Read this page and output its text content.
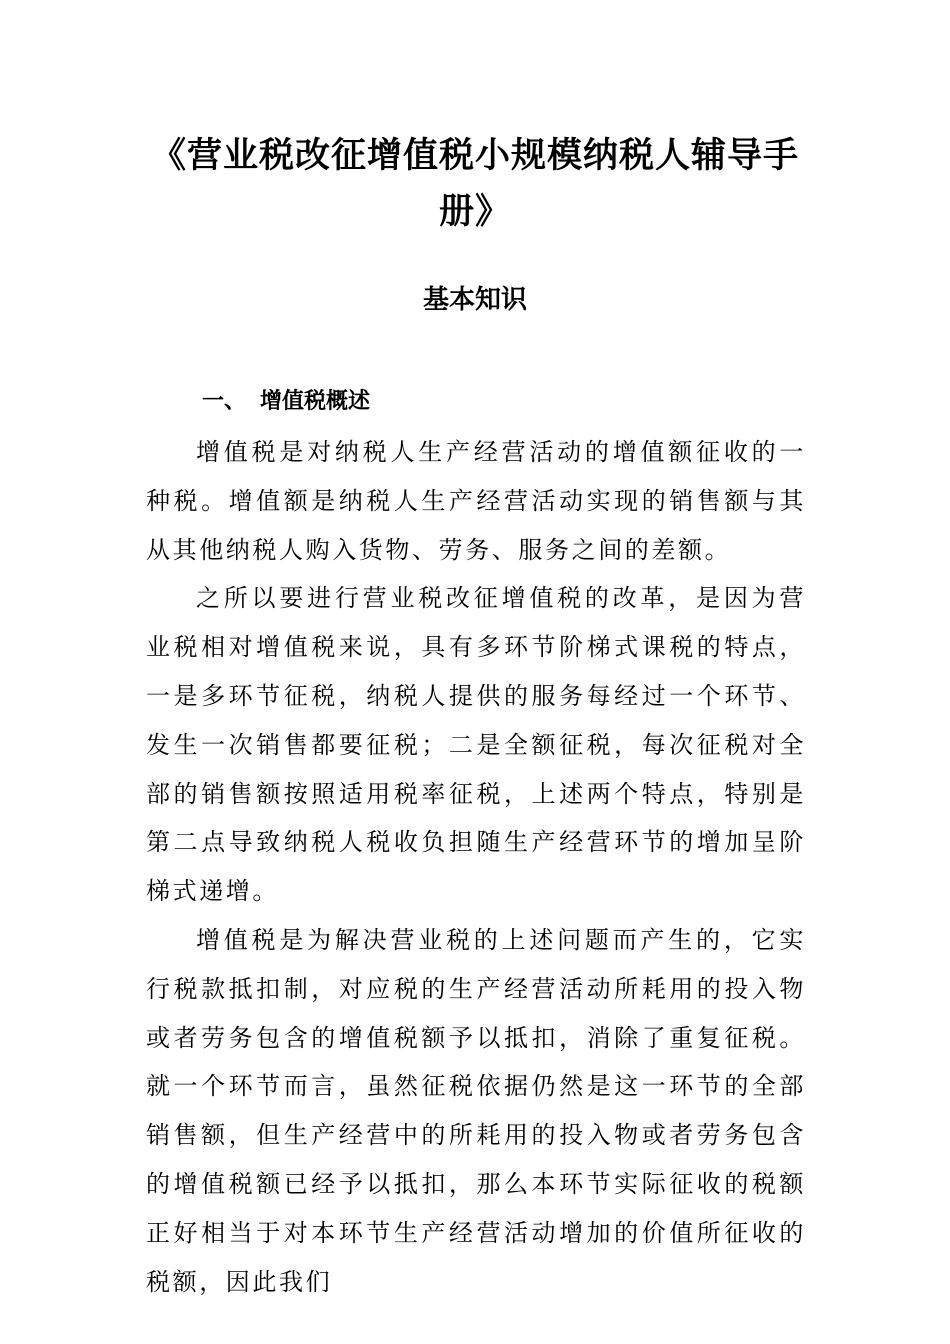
《营业税改征增值税小规模纳税人辅导手册》
基本知识
一、 增值税概述

增值税是对纳税人生产经营活动的增值额征收的一种税。增值额是纳税人生产经营活动实现的销售额与其从其他纳税人购入货物、劳务、服务之间的差额。

之所以要进行营业税改征增值税的改革，是因为营业税相对增值税来说，具有多环节阶梯式课税的特点，一是多环节征税，纳税人提供的服务每经过一个环节、发生一次销售都要征税；二是全额征税，每次征税对全部的销售额按照适用税率征税，上述两个特点，特别是第二点导致纳税人税收负担随生产经营环节的增加呈阶梯式递增。

增值税是为解决营业税的上述问题而产生的，它实行税款抵扣制，对应税的生产经营活动所耗用的投入物或者劳务包含的增值税额予以抵扣，消除了重复征税。就一个环节而言，虽然征税依据仍然是这一环节的全部销售额，但生产经营中的所耗用的投入物或者劳务包含的增值税额已经予以抵扣，那么本环节实际征收的税额正好相当于对本环节生产经营活动增加的价值所征收的税额，因此我们
